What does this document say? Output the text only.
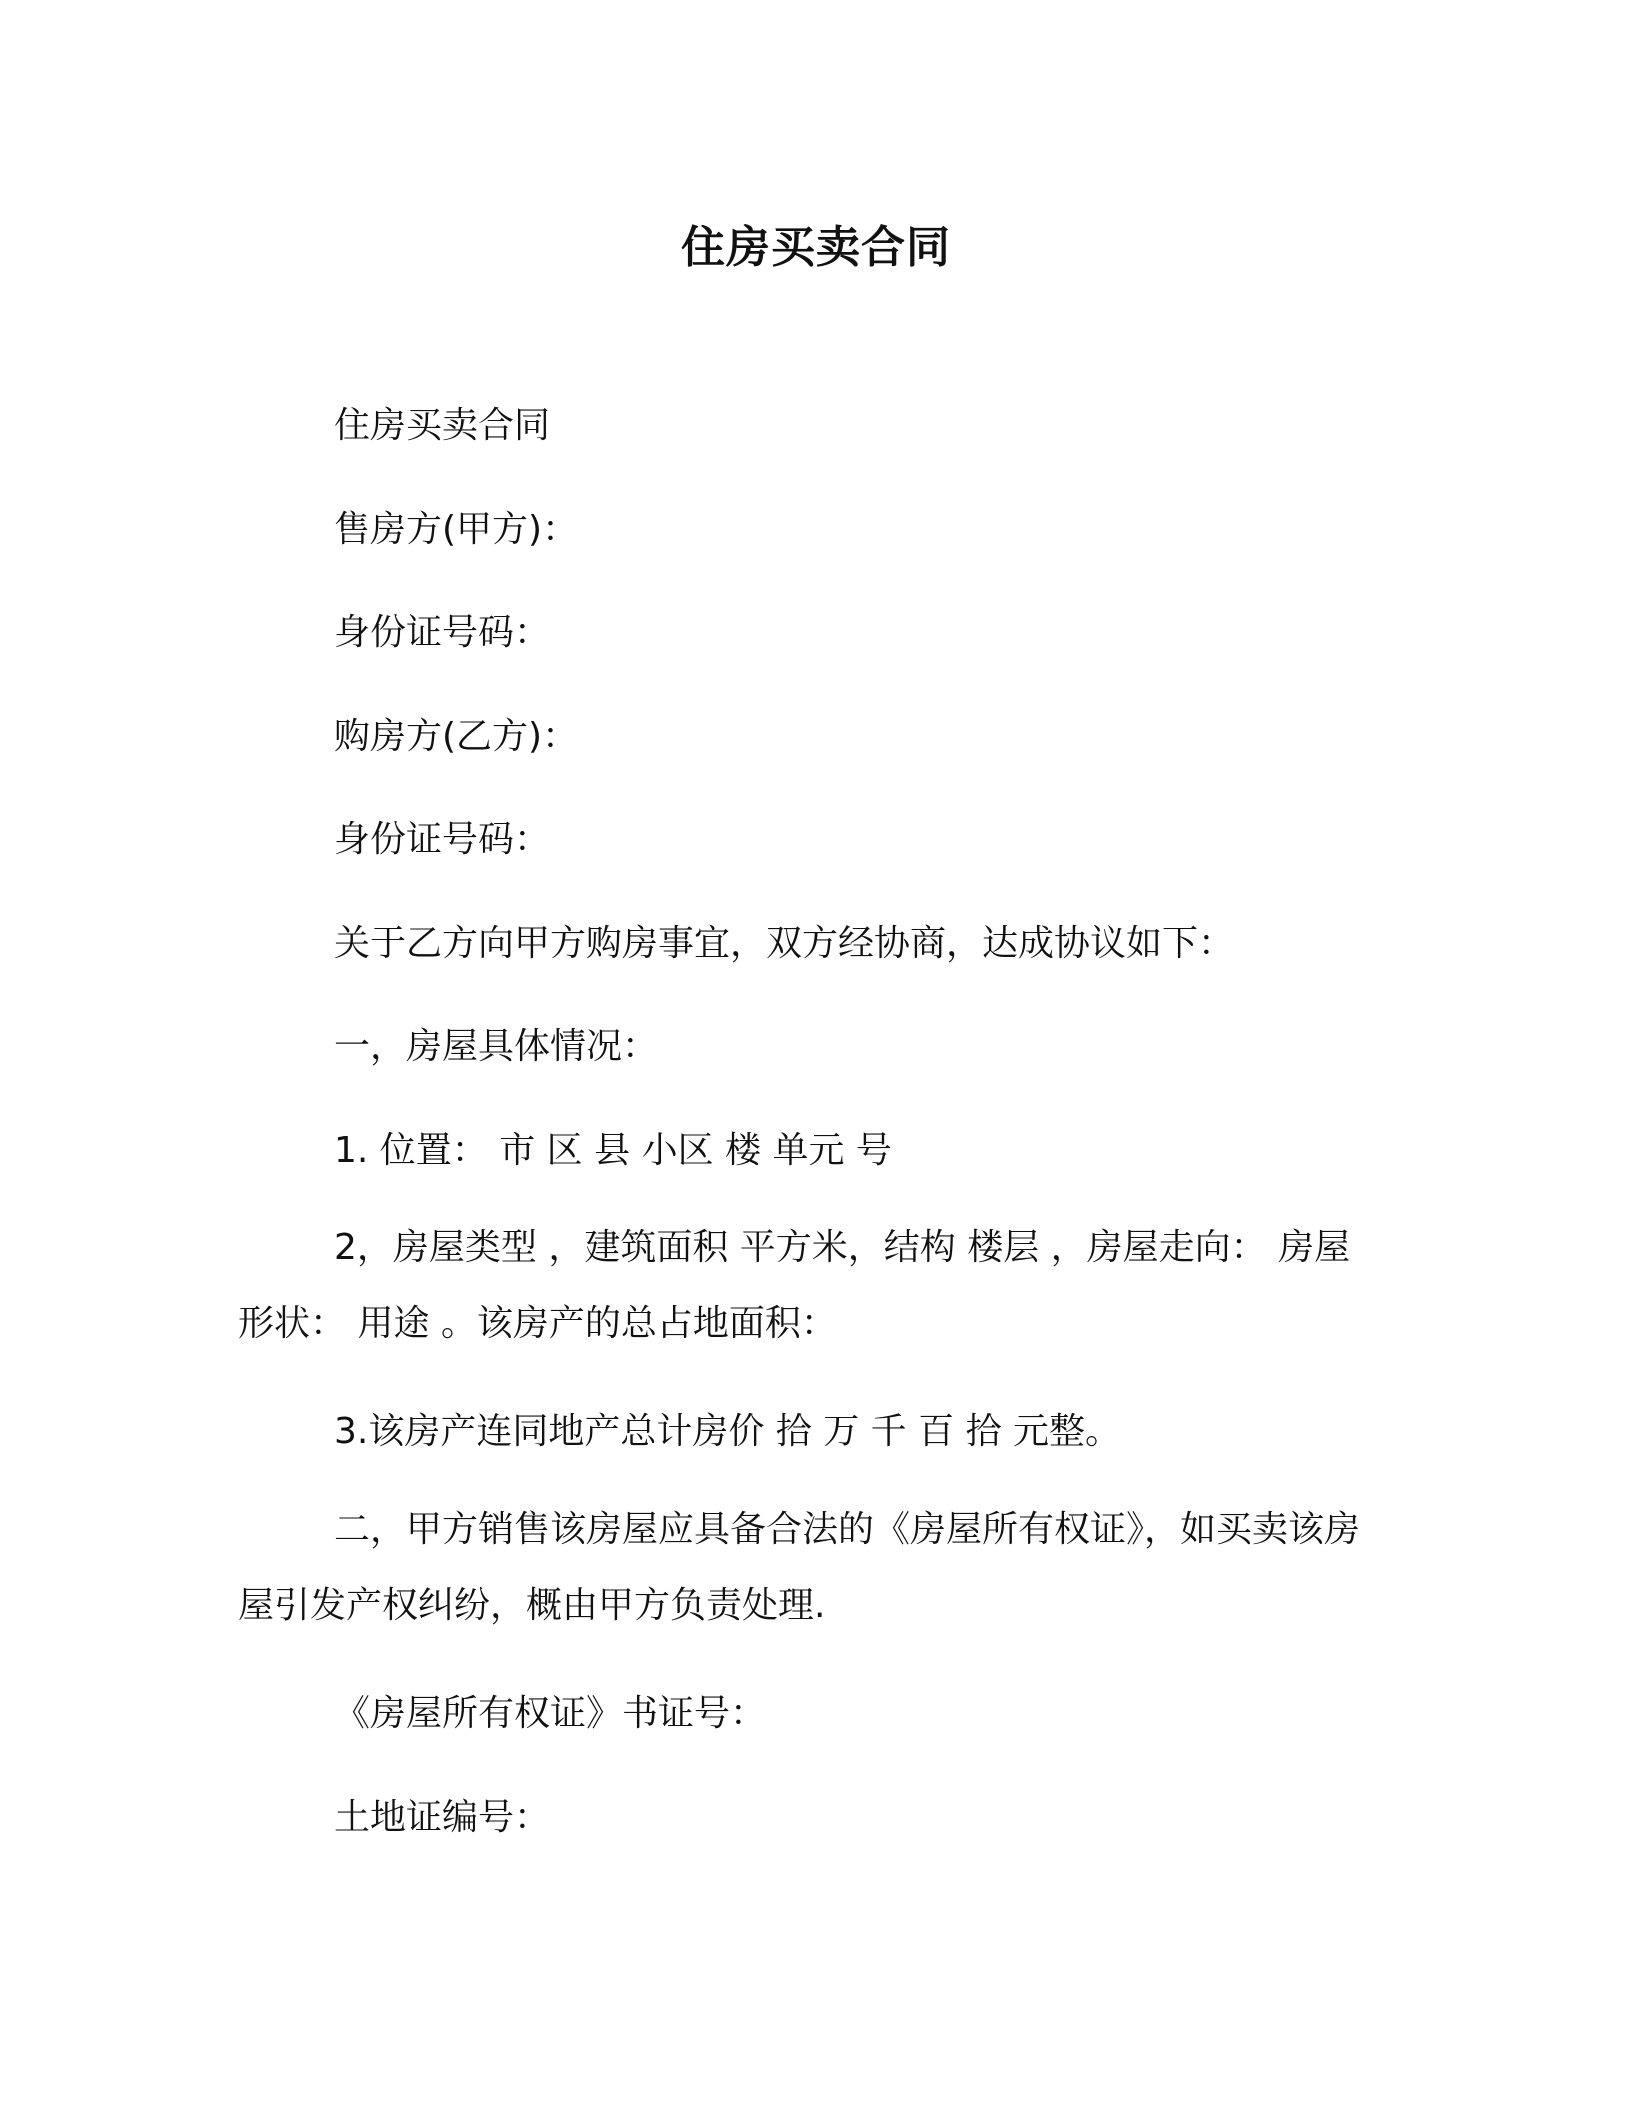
住房买卖合同
住房买卖合同
售房方(甲方)：
身份证号码：
购房方(乙方)：
身份证号码：
关于乙方向甲方购房事宜，双方经协商，达成协议如下：
一，房屋具体情况：
1. 位置： 市 区 县 小区 楼 单元 号
2，房屋类型 ，建筑面积 平方米，结构 楼层 ，房屋走向： 房屋形状： 用途 。该房产的总占地面积：
3.该房产连同地产总计房价 拾 万 千 百 拾 元整。
二，甲方销售该房屋应具备合法的《房屋所有权证》，如买卖该房屋引发产权纠纷，概由甲方负责处理.
《房屋所有权证》书证号：
土地证编号：
